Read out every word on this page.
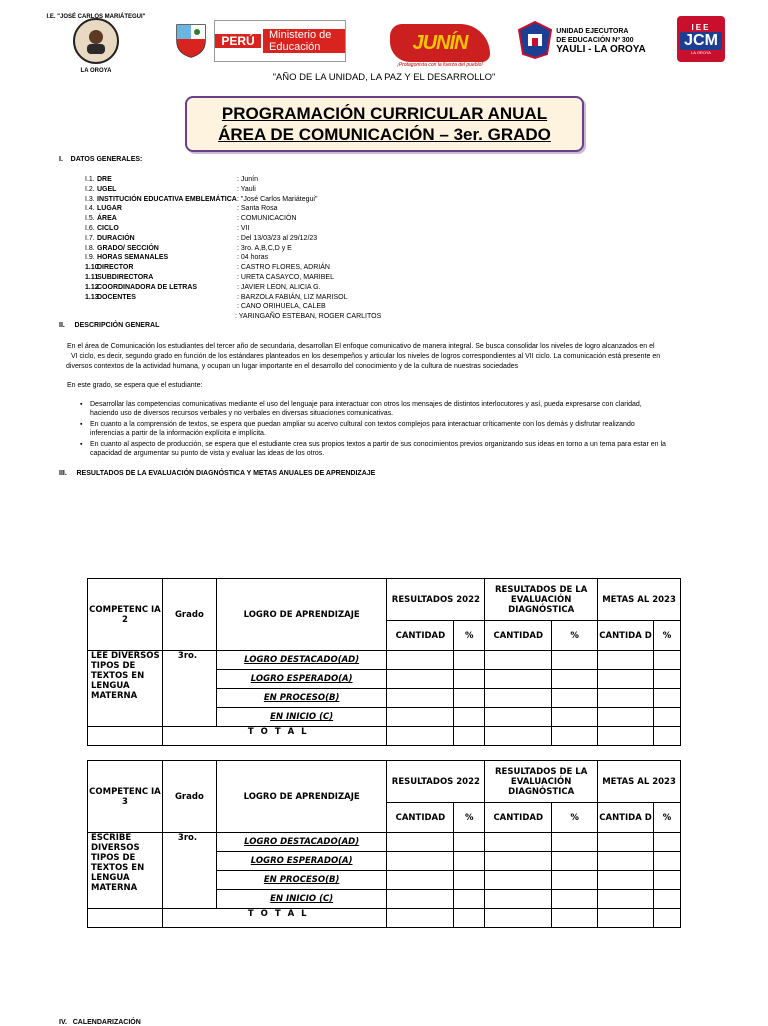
I.E. "JOSÉ CARLOS MARIÁTEGUI"
LA OROYA
PERÚ	Ministerio de Educación	JUNÍN
¡Protagonista con la fuerza del pueblo!
UNIDAD EJECUTORA
DE EDUCACIÓN Nº 300
YAULI - LA OROYA
IEE
JCM
LA OROYA
"AÑO DE LA UNIDAD, LA PAZ Y EL DESARROLLO"
PROGRAMACIÓN CURRICULAR ANUAL
ÁREA DE COMUNICACIÓN – 3er. GRADO
I.    DATOS GENERALES:
I.1. DRE	: Junín
I.2. UGEL	: Yauli
I.3. INSTITUCIÓN EDUCATIVA EMBLEMÁTICA : "José Carlos Mariátegui"
I.4. LUGAR	: Santa Rosa
I.5. ÁREA	: COMUNICACIÓN
I.6. CICLO	: VII
I.7. DURACIÓN	: Del 13/03/23 al 29/12/23
I.8. GRADO/ SECCIÓN	: 3ro. A,B,C,D y E
I.9. HORAS SEMANALES	: 04 horas
1.10
DIRECTOR	: CASTRO FLORES, ADRIÁN
1.11
SUBDIRECTORA	: URETA CASAYCO, MARIBEL
1.12
COORDINADORA DE LETRAS	: JAVIER LEON, ALICIA G.
1.13
DOCENTES	: BARZOLA FABIÁN, LIZ MARISOL
: CANO ORIHUELA, CALEB
: YARINGAÑO ESTEBAN, ROGER CARLITOS
II.     DESCRIPCIÓN GENERAL
En el área de Comunicación los estudiantes del tercer año de secundaria, desarrollan El enfoque comunicativo de manera integral. Se busca consolidar los niveles de logro alcanzados en el
VI ciclo, es decir, segundo grado en función de los estándares planteados en los desempeños y articular los niveles de logros correspondientes al VII ciclo. La comunicación está presente en
diversos contextos de la actividad humana, y ocupan un lugar importante en el desarrollo del conocimiento y de la cultura de nuestras sociedades
En este grado, se espera que el estudiante:
▪ Desarrollar las competencias comunicativas mediante el uso del lenguaje para interactuar con otros los mensajes de distintos interlocutores y así, pueda expresarse con claridad,
haciendo uso de diversos recursos verbales y no verbales en diversas situaciones comunicativas.
▪ En cuanto a la comprensión de textos, se espera que puedan ampliar su acervo cultural con textos complejos para interactuar críticamente con los demás y disfrutar realizando
inferencias a partir de la información explícita e implícita.
▪ En cuanto al aspecto de producción, se espera que el estudiante crea sus propios textos a partir de sus conocimientos previos organizando sus ideas en torno a un tema para estar en la
capacidad de argumentar su punto de vista y evaluar las ideas de los otros.
III.     RESULTADOS DE LA EVALUACIÓN DIAGNÓSTICA Y METAS ANUALES DE APRENDIZAJE
COMPETENC IA 2	Grado	LOGRO DE APRENDIZAJE	RESULTADOS 2022		RESULTADOS DE LA EVALUACIÓN DIAGNÓSTICA		METAS AL 2023	
			CANTIDAD	%	CANTIDAD	%	CANTIDA D	%
LEE DIVERSOS TIPOS DE TEXTOS EN LENGUA MATERNA	3ro.	LOGRO DESTACADO(AD)						
		LOGRO ESPERADO(A)						
		EN PROCESO(B)						
		EN INICIO (C)						
	T O T A L							
COMPETENC IA 3	Grado	LOGRO DE APRENDIZAJE	RESULTADOS 2022		RESULTADOS DE LA EVALUACIÓN DIAGNÓSTICA		METAS AL 2023	
			CANTIDAD	%	CANTIDAD	%	CANTIDA D	%
ESCRIBE DIVERSOS TIPOS DE TEXTOS EN LENGUA MATERNA	3ro.	LOGRO DESTACADO(AD)						
		LOGRO ESPERADO(A)						
		EN PROCESO(B)						
		EN INICIO (C)						
	T O T A L							
IV.   CALENDARIZACIÓN
